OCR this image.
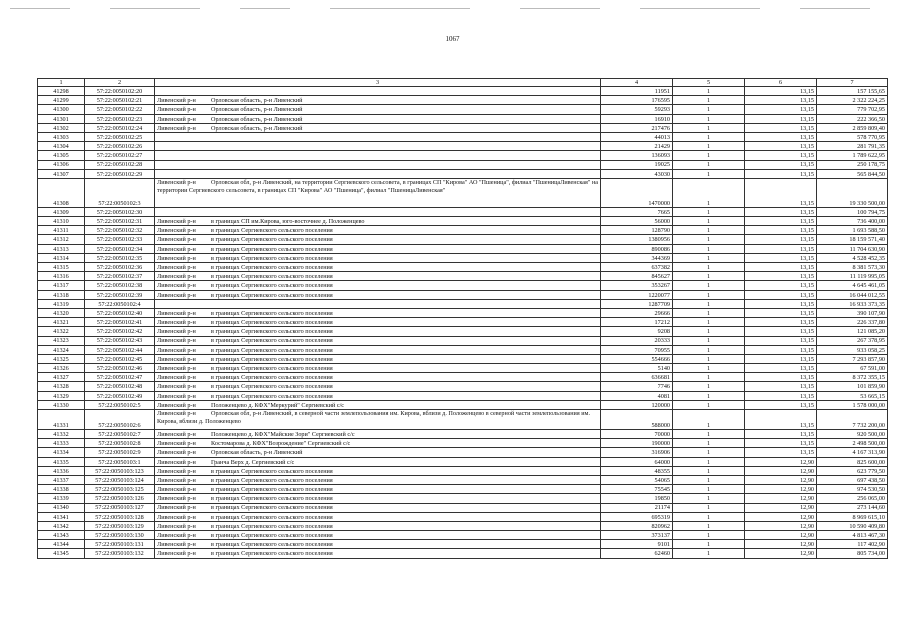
1067
1	2	3	4	5	6	7
41298	57:22:0050102:20		11951	1	13,15	157 155,65
41299	57:22:0050102:21	Ливенский р-н Орловская область, р-н Ливенский	176595	1	13,15	2 322 224,25
41300	57:22:0050102:22	Ливенский р-н Орловская область, р-н Ливенский	59293	1	13,15	779 702,95
41301	57:22:0050102:23	Ливенский р-н Орловская область, р-н Ливенский	16910	1	13,15	222 366,50
41302	57:22:0050102:24	Ливенский р-н Орловская область, р-н Ливенский	217476	1	13,15	2 859 809,40
41303	57:22:0050102:25		44013	1	13,15	578 770,95
41304	57:22:0050102:26		21429	1	13,15	281 791,35
41305	57:22:0050102:27		136093	1	13,15	1 789 622,95
41306	57:22:0050102:28		19025	1	13,15	250 178,75
41307	57:22:0050102:29		43030	1	13,15	565 844,50
41308	57:22:0050102:3	Ливенский р-н Орловская обл, р-н Ливенский, на территории Сергиевского сельсовета, в границах СП "Кирова" АО "Пшеница", филиал "ПшеницаЛивенская" на территории Сергиевского сельсовета, в границах СП "Кирова" АО "Пшеница", филиал "ПшеницаЛивенская"	1470000	1	13,15	19 330 500,00
41309	57:22:0050102:30		7665	1	13,15	100 794,75
41310	57:22:0050102:31	Ливенский р-н в границах СП им.Кирова, юго-восточнее д. Положенцево	56000	1	13,15	736 400,00
41311	57:22:0050102:32	Ливенский р-н в границах Сергиевского сельского поселения	128790	1	13,15	1 693 588,50
41312	57:22:0050102:33	Ливенский р-н в границах Сергиевского сельского поселения	1380956	1	13,15	18 159 571,40
41313	57:22:0050102:34	Ливенский р-н в границах Сергиевского сельского поселения	890086	1	13,15	11 704 630,90
41314	57:22:0050102:35	Ливенский р-н в границах Сергиевского сельского поселения	344369	1	13,15	4 528 452,35
41315	57:22:0050102:36	Ливенский р-н в границах Сергиевского сельского поселения	637382	1	13,15	8 381 573,30
41316	57:22:0050102:37	Ливенский р-н в границах Сергиевского сельского поселения	845627	1	13,15	11 119 995,05
41317	57:22:0050102:38	Ливенский р-н в границах Сергиевского сельского поселения	353267	1	13,15	4 645 461,05
41318	57:22:0050102:39	Ливенский р-н в границах Сергиевского сельского поселения	1220077	1	13,15	16 044 012,55
41319	57:22:0050102:4		1287709	1	13,15	16 933 373,35
41320	57:22:0050102:40	Ливенский р-н в границах Сергиевского сельского поселения	29666	1	13,15	390 107,90
41321	57:22:0050102:41	Ливенский р-н в границах Сергиевского сельского поселения	17212	1	13,15	226 337,80
41322	57:22:0050102:42	Ливенский р-н в границах Сергиевского сельского поселения	9208	1	13,15	121 085,20
41323	57:22:0050102:43	Ливенский р-н в границах Сергиевского сельского поселения	20333	1	13,15	267 378,95
41324	57:22:0050102:44	Ливенский р-н в границах Сергиевского сельского поселения	70955	1	13,15	933 058,25
41325	57:22:0050102:45	Ливенский р-н в границах Сергиевского сельского поселения	554666	1	13,15	7 293 857,90
41326	57:22:0050102:46	Ливенский р-н в границах Сергиевского сельского поселения	5140	1	13,15	67 591,00
41327	57:22:0050102:47	Ливенский р-н в границах Сергиевского сельского поселения	636681	1	13,15	8 372 355,15
41328	57:22:0050102:48	Ливенский р-н в границах Сергиевского сельского поселения	7746	1	13,15	101 859,90
41329	57:22:0050102:49	Ливенский р-н в границах Сергиевского сельского поселения	4081	1	13,15	53 665,15
41330	57:22:0050102:5	Ливенский р-н Положенцево д. КФХ"Меркурий" Сергиевский с/с	120000	1	13,15	1 578 000,00
41331	57:22:0050102:6	Ливенский р-н Орловская обл, р-н Ливенский, в северной части землепользования им. Кирова, вблизи д. Положенцево в северной части землепользования им. Кирова, вблизи д. Положенцево	588000	1	13,15	7 732 200,00
41332	57:22:0050102:7	Ливенский р-н Положенцево д. КФХ"Майские Зори" Сергиевский с/с	70000	1	13,15	920 500,00
41333	57:22:0050102:8	Ливенский р-н Костомарова д. КФХ"Возрождение" Сергиевский с/с	190000	1	13,15	2 498 500,00
41334	57:22:0050102:9	Ливенский р-н Орловская область, р-н Ливенский	316906	1	13,15	4 167 313,90
41335	57:22:0050103:1	Ливенский р-н Гранча Верх д. Сергиевский с/с	64000	1	12,90	825 600,00
41336	57:22:0050103:123	Ливенский р-н в границах Сергиевского сельского поселения	48355	1	12,90	623 779,50
41337	57:22:0050103:124	Ливенский р-н в границах Сергиевского сельского поселения	54065	1	12,90	697 438,50
41338	57:22:0050103:125	Ливенский р-н в границах Сергиевского сельского поселения	75545	1	12,90	974 530,50
41339	57:22:0050103:126	Ливенский р-н в границах Сергиевского сельского поселения	19850	1	12,90	256 065,00
41340	57:22:0050103:127	Ливенский р-н в границах Сергиевского сельского поселения	21174	1	12,90	273 144,60
41341	57:22:0050103:128	Ливенский р-н в границах Сергиевского сельского поселения	695319	1	12,90	8 969 615,10
41342	57:22:0050103:129	Ливенский р-н в границах Сергиевского сельского поселения	820962	1	12,90	10 590 409,80
41343	57:22:0050103:130	Ливенский р-н в границах Сергиевского сельского поселения	373137	1	12,90	4 813 467,30
41344	57:22:0050103:131	Ливенский р-н в границах Сергиевского сельского поселения	9101	1	12,90	117 402,90
41345	57:22:0050103:132	Ливенский р-н в границах Сергиевского сельского поселения	62460	1	12,90	805 734,00
